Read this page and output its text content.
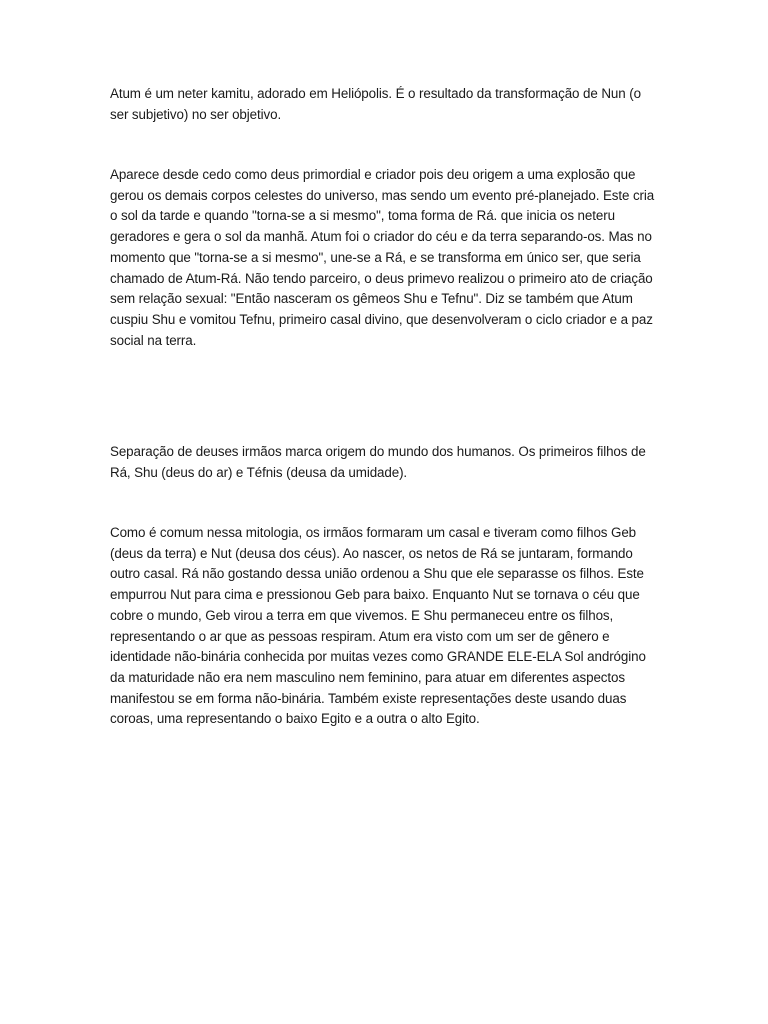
Atum é um neter kamitu, adorado em Heliópolis. É o resultado da transformação de Nun (o ser subjetivo) no ser objetivo.

Aparece desde cedo como deus primordial e criador pois deu origem a uma explosão que gerou os demais corpos celestes do universo, mas sendo um evento pré-planejado. Este cria o sol da tarde e quando "torna-se a si mesmo", toma forma de Rá. que inicia os neteru geradores e gera o sol da manhã. Atum foi o criador do céu e da terra separando-os. Mas no momento que "torna-se a si mesmo", une-se a Rá, e se transforma em único ser, que seria chamado de Atum-Rá. Não tendo parceiro, o deus primevo realizou o primeiro ato de criação sem relação sexual: "Então nasceram os gêmeos Shu e Tefnu". Diz se também que Atum cuspiu Shu e vomitou Tefnu, primeiro casal divino, que desenvolveram o ciclo criador e a paz social na terra.

Separação de deuses irmãos marca origem do mundo dos humanos. Os primeiros filhos de Rá, Shu (deus do ar) e Téfnis (deusa da umidade).

Como é comum nessa mitologia, os irmãos formaram um casal e tiveram como filhos Geb (deus da terra) e Nut (deusa dos céus). Ao nascer, os netos de Rá se juntaram, formando outro casal. Rá não gostando dessa união ordenou a Shu que ele separasse os filhos. Este empurrou Nut para cima e pressionou Geb para baixo. Enquanto Nut se tornava o céu que cobre o mundo, Geb virou a terra em que vivemos. E Shu permaneceu entre os filhos, representando o ar que as pessoas respiram. Atum era visto com um ser de gênero e identidade não-binária conhecida por muitas vezes como GRANDE ELE-ELA Sol andrógino da maturidade não era nem masculino nem feminino, para atuar em diferentes aspectos manifestou se em forma não-binária. Também existe representações deste usando duas coroas, uma representando o baixo Egito e a outra o alto Egito.
